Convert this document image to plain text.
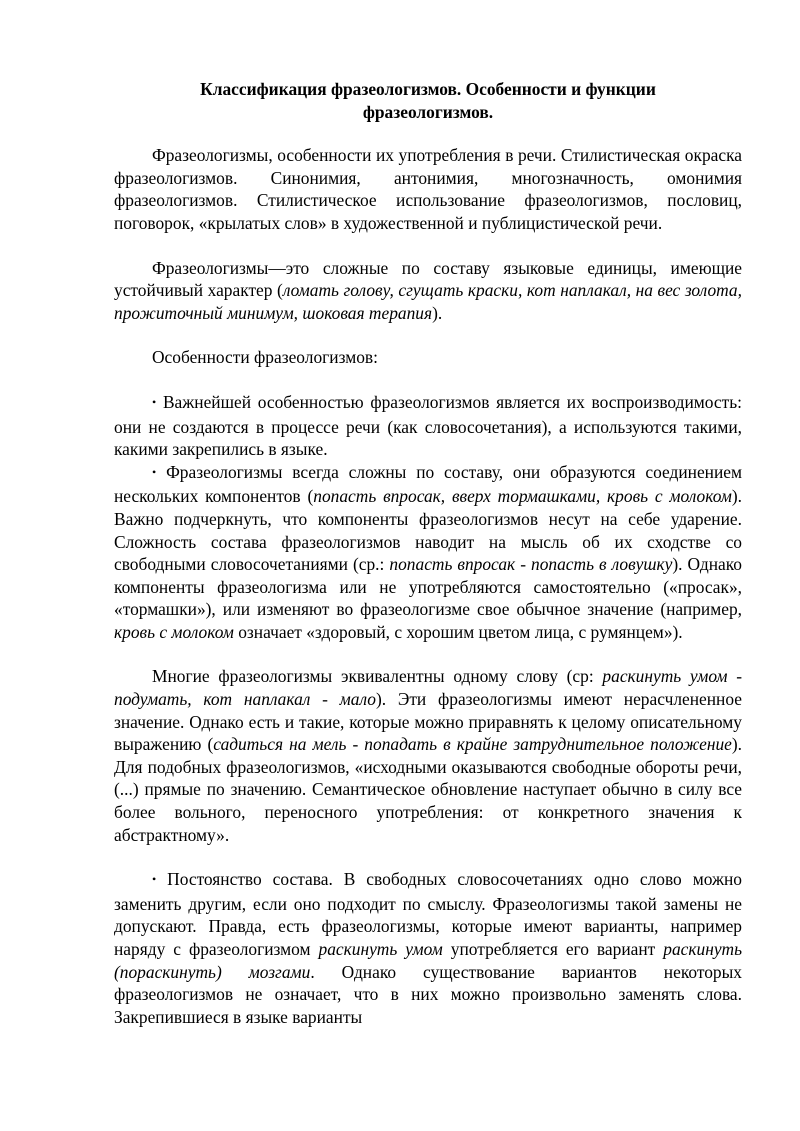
Классификация фразеологизмов. Особенности и функции фразеологизмов.

Фразеологизмы, особенности их употребления в речи. Стилистическая окраска фразеологизмов. Синонимия, антонимия, многозначность, омонимия фразеологизмов. Стилистическое использование фразеологизмов, пословиц, поговорок, «крылатых слов» в художественной и публицистической речи.

Фразеологизмы—это сложные по составу языковые единицы, имеющие устойчивый характер (ломать голову, сгущать краски, кот наплакал, на вес золота, прожиточный минимум, шоковая терапия).

Особенности фразеологизмов:

• Важнейшей особенностью фразеологизмов является их воспроизводимость: они не создаются в процессе речи (как словосочетания), а используются такими, какими закрепились в языке.

• Фразеологизмы всегда сложны по составу, они образуются соединением нескольких компонентов (попасть впросак, вверх тормашками, кровь с молоком). Важно подчеркнуть, что компоненты фразеологизмов несут на себе ударение. Сложность состава фразеологизмов наводит на мысль об их сходстве со свободными словосочетаниями (ср.: попасть впросак - попасть в ловушку). Однако компоненты фразеологизма или не употребляются самостоятельно («просак», «тормашки»), или изменяют во фразеологизме свое обычное значение (например, кровь с молоком означает «здоровый, с хорошим цветом лица, с румянцем»).

Многие фразеологизмы эквивалентны одному слову (ср: раскинуть умом - подумать, кот наплакал - мало). Эти фразеологизмы имеют нерасчлененное значение. Однако есть и такие, которые можно приравнять к целому описательному выражению (садиться на мель - попадать в крайне затруднительное положение). Для подобных фразеологизмов, «исходными оказываются свободные обороты речи, (...) прямые по значению. Семантическое обновление наступает обычно в силу все более вольного, переносного употребления: от конкретного значения к абстрактному».

• Постоянство состава. В свободных словосочетаниях одно слово можно заменить другим, если оно подходит по смыслу. Фразеологизмы такой замены не допускают. Правда, есть фразеологизмы, которые имеют варианты, например наряду с фразеологизмом раскинуть умом употребляется его вариант раскинуть (пораскинуть) мозгами. Однако существование вариантов некоторых фразеологизмов не означает, что в них можно произвольно заменять слова. Закрепившиеся в языке варианты
